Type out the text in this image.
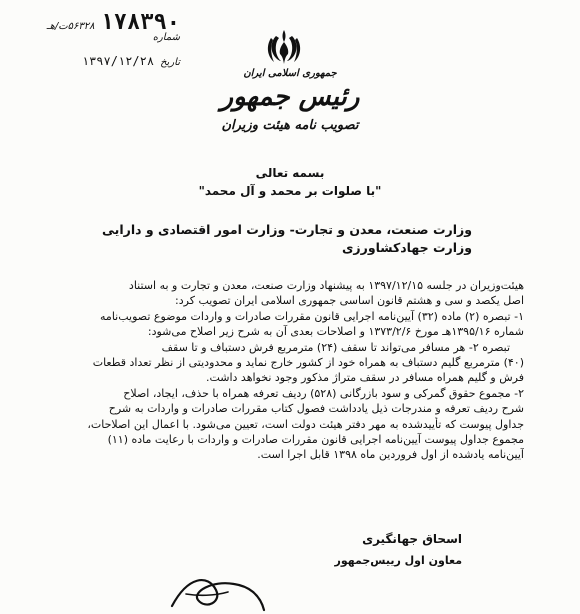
۱۷۸۳۹۰
۵۶۳۲۸ت/هـ
شماره
تاریخ
۱۳۹۷/۱۲/۲۸
جمهوری اسلامی ایران
رئیس جمهور
تصویب نامه هیئت وزیران
بسمه تعالی
"با صلوات بر محمد و آل محمد"
وزارت صنعت، معدن و تجارت- وزارت امور اقتصادی و دارایی
وزارت جهادکشاورزی
هیئت‌وزیران در جلسه ۱۳۹۷/۱۲/۱۵ به پیشنهاد وزارت صنعت، معدن و تجارت و به استناد
اصل یکصد و سی و هشتم قانون اساسی جمهوری اسلامی ایران تصویب کرد:
۱- تبصره (۲) ماده (۳۲) آیین‌نامه اجرایی قانون مقررات صادرات و واردات موضوع تصویب‌نامه
شماره ۱۳۹۵/۱۶هـ مورخ ۱۳۷۳/۲/۶ و اصلاحات بعدی آن به شرح زیر اصلاح می‌شود:
تبصره ۲- هر مسافر می‌تواند تا سقف (۲۴) مترمربع فرش دستباف و تا سقف
(۴۰) مترمربع گلیم دستباف به همراه خود از کشور خارج نماید و محدودیتی از نظر تعداد قطعات
فرش و گلیم همراه مسافر در سقف متراژ مذکور وجود نخواهد داشت.
۲- مجموع حقوق گمرکی و سود بازرگانی (۵۲۸) ردیف تعرفه همراه با حذف، ایجاد، اصلاح
شرح ردیف تعرفه و مندرجات ذیل یادداشت فصول کتاب مقررات صادرات و واردات به شرح
جداول پیوست که تأییدشده به مهر دفتر هیئت دولت است، تعیین می‌شود. با اعمال این اصلاحات،
مجموع جداول پیوست آیین‌نامه اجرایی قانون مقررات صادرات و واردات با رعایت ماده (۱۱)
آیین‌نامه یادشده از اول فروردین ماه ۱۳۹۸ قابل اجرا است.
اسحاق جهانگیری
معاون اول رییس‌جمهور
